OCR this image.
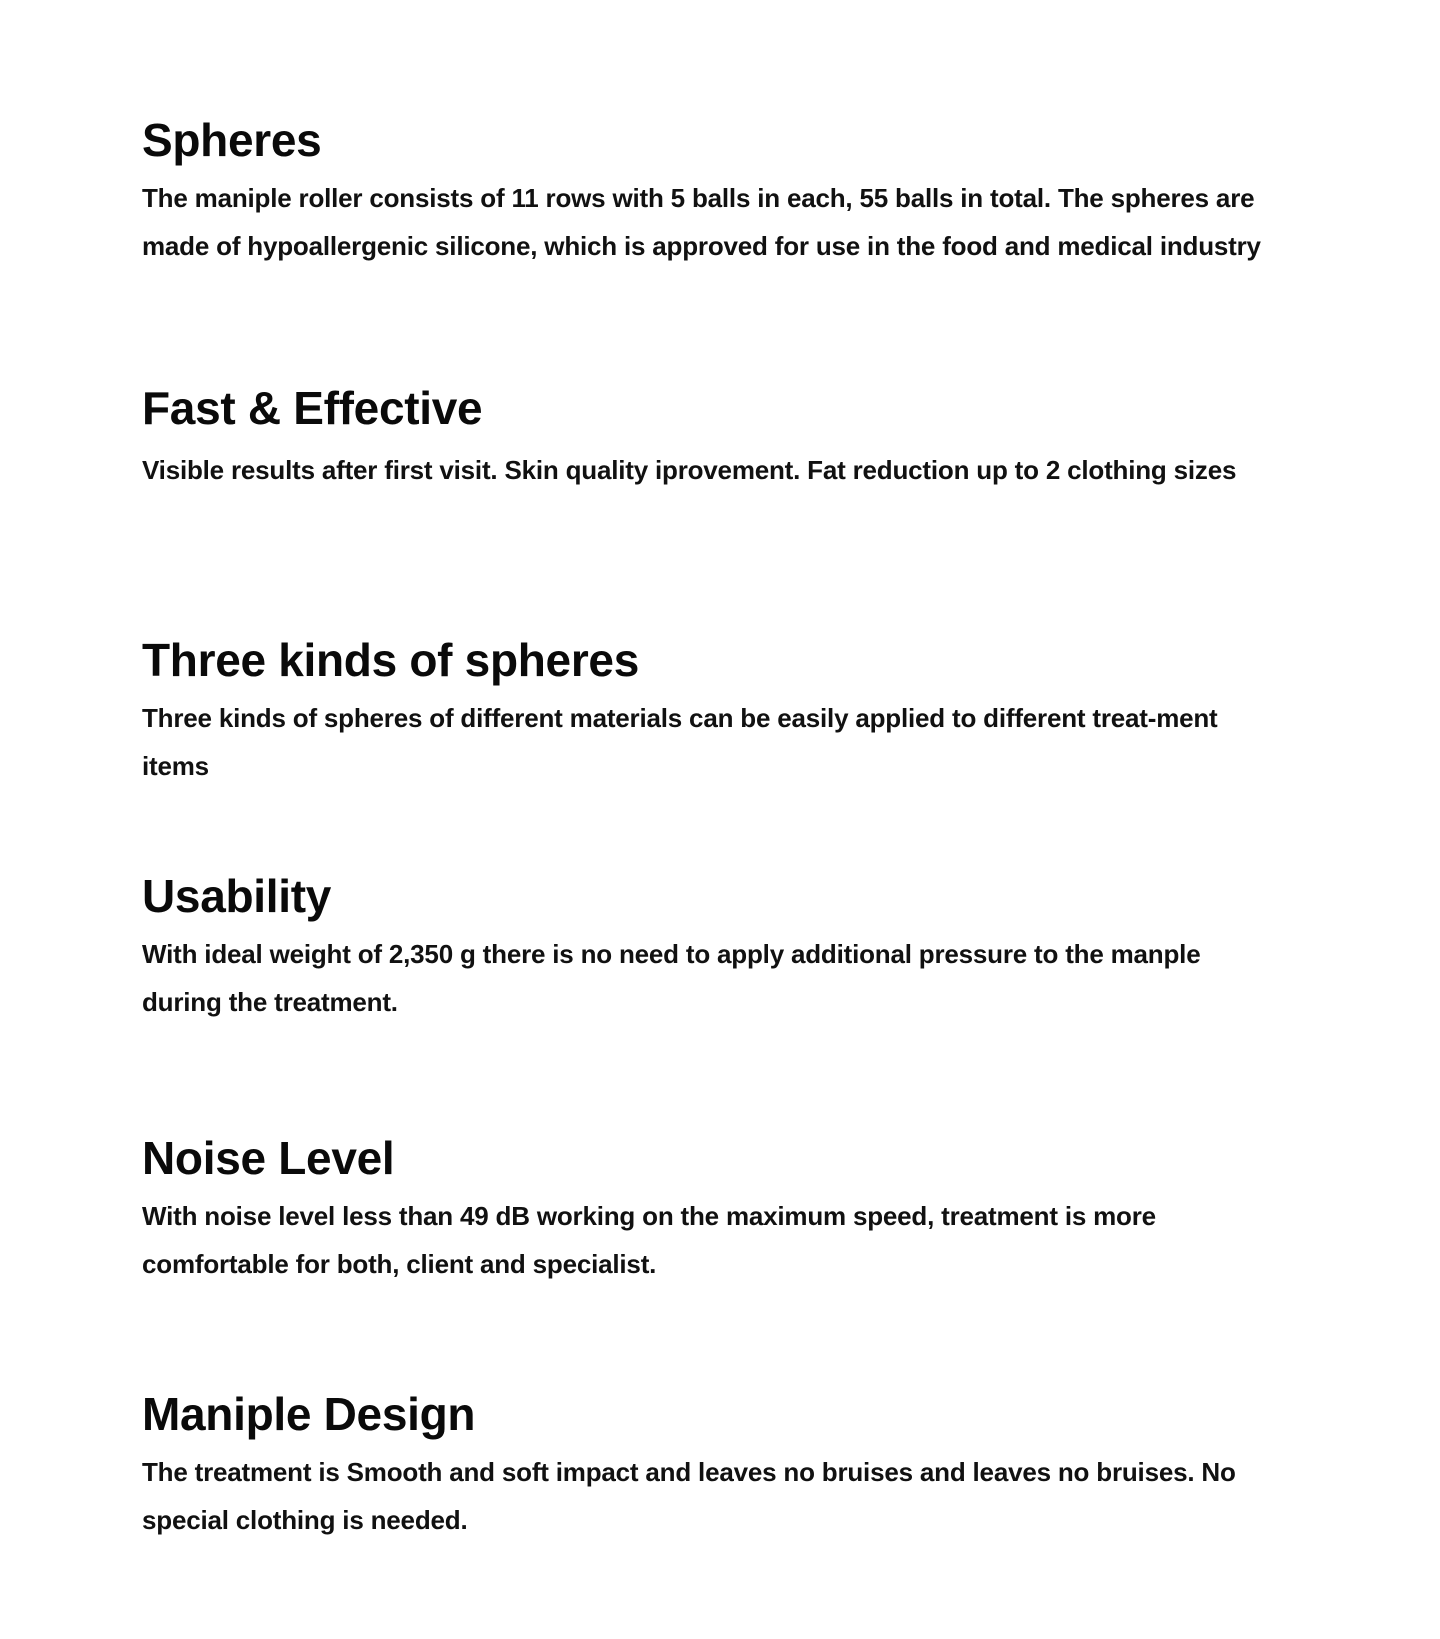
Spheres

The maniple roller consists of 11 rows with 5 balls in each, 55 balls in total. The spheres are made of hypoallergenic silicone, which is approved for use in the food and medical industry

Fast & Effective

Visible results after first visit. Skin quality iprovement. Fat reduction up to 2 clothing sizes

Three kinds of spheres

Three kinds of spheres of different materials can be easily applied to different treat-ment items

Usability

With ideal weight of 2,350 g there is no need to apply additional pressure to the manple during the treatment.

Noise Level

With noise level less than 49 dB working on the maximum speed, treatment is more comfortable for both, client and specialist.

Maniple Design

The treatment is Smooth and soft impact and leaves no bruises and leaves no bruises. No special clothing is needed.
